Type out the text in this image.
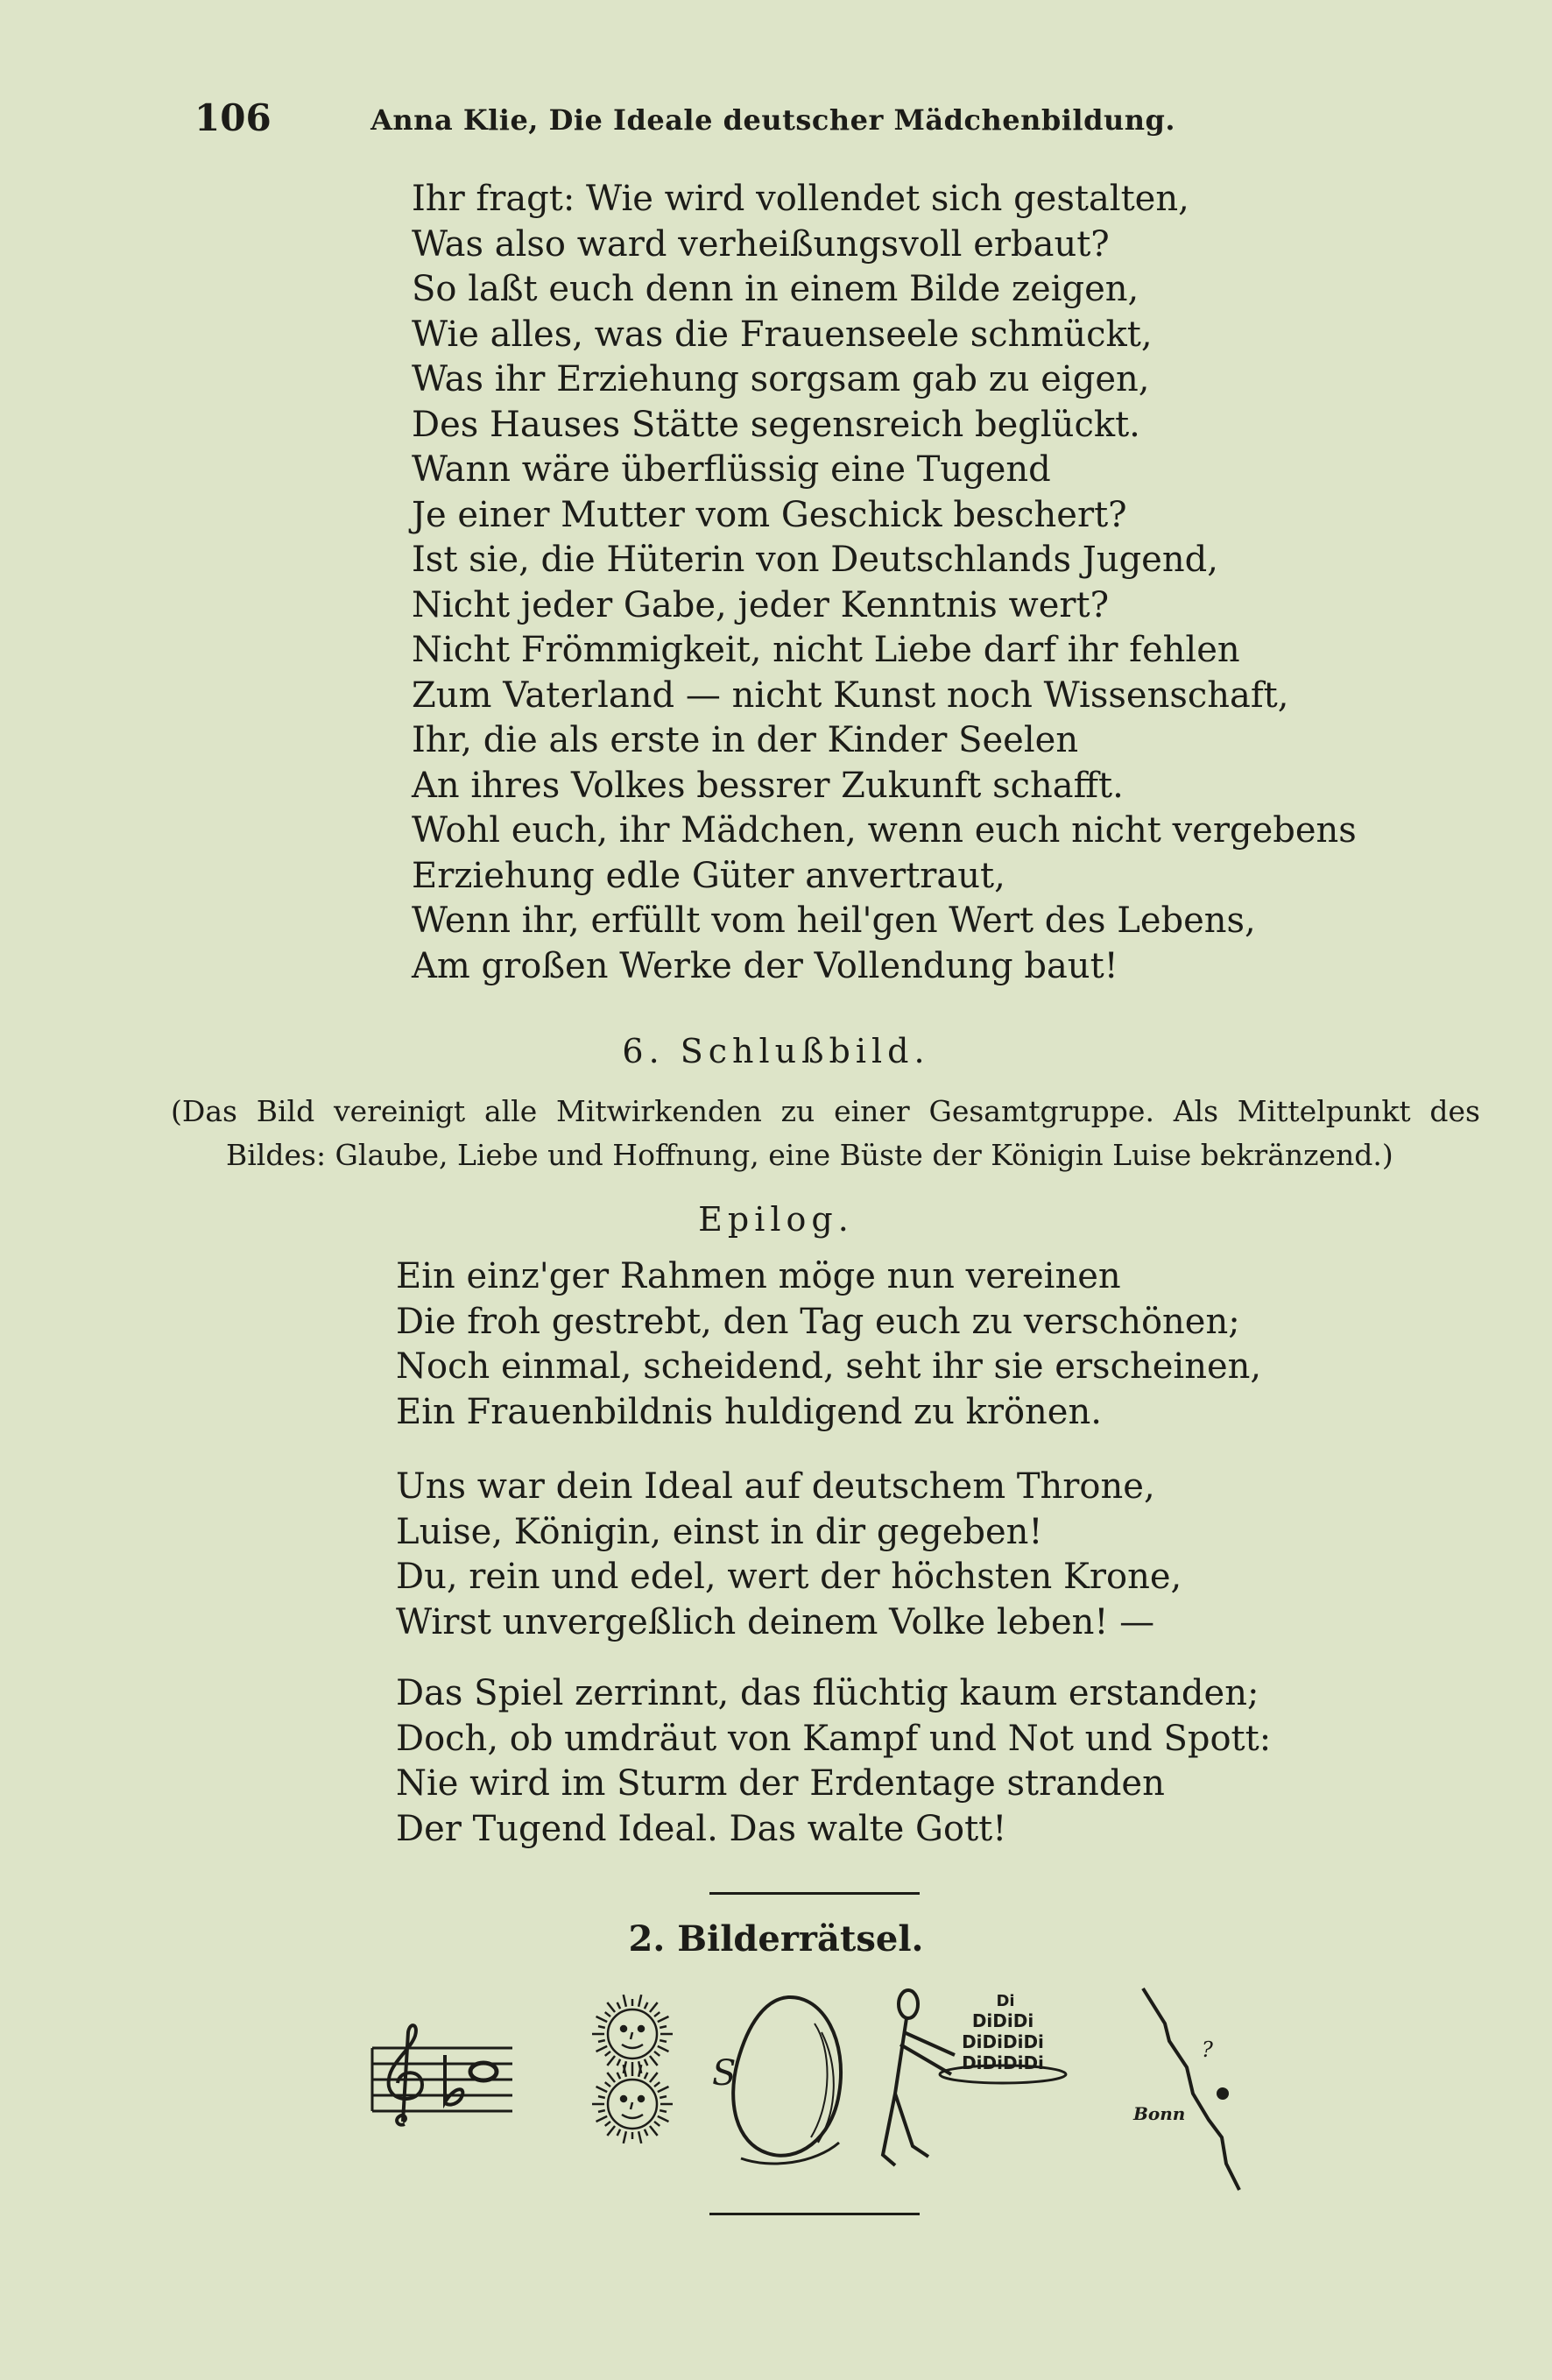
106	Anna Klie, Die Ideale deutscher Mädchenbildung.
Ihr fragt: Wie wird vollendet sich gestalten,
Was also ward verheißungsvoll erbaut?
So laßt euch denn in einem Bilde zeigen,
Wie alles, was die Frauenseele schmückt,
Was ihr Erziehung sorgsam gab zu eigen,
Des Hauses Stätte segensreich beglückt.
Wann wäre überflüssig eine Tugend
Je einer Mutter vom Geschick beschert?
Ist sie, die Hüterin von Deutschlands Jugend,
Nicht jeder Gabe, jeder Kenntnis wert?
Nicht Frömmigkeit, nicht Liebe darf ihr fehlen
Zum Vaterland — nicht Kunst noch Wissenschaft,
Ihr, die als erste in der Kinder Seelen
An ihres Volkes bessrer Zukunft schafft.
Wohl euch, ihr Mädchen, wenn euch nicht vergebens
Erziehung edle Güter anvertraut,
Wenn ihr, erfüllt vom heil'gen Wert des Lebens,
Am großen Werke der Vollendung baut!
6. Schlußbild.
(Das Bild vereinigt alle Mitwirkenden zu einer Gesamtgruppe. Als Mittelpunkt des
Bildes: Glaube, Liebe und Hoffnung, eine Büste der Königin Luise bekränzend.)
Epilog.
Ein einz'ger Rahmen möge nun vereinen
Die froh gestrebt, den Tag euch zu verschönen;
Noch einmal, scheidend, seht ihr sie erscheinen,
Ein Frauenbildnis huldigend zu krönen.
Uns war dein Ideal auf deutschem Throne,
Luise, Königin, einst in dir gegeben!
Du, rein und edel, wert der höchsten Krone,
Wirst unvergeßlich deinem Volke leben! —
Das Spiel zerrinnt, das flüchtig kaum erstanden;
Doch, ob umdräut von Kampf und Not und Spott:
Nie wird im Sturm der Erdentage stranden
Der Tugend Ideal. Das walte Gott!
2. Bilderrätsel.
S
Di
DiDiDi
DiDiDiDi
DiDiDiDi
?
Bonn
